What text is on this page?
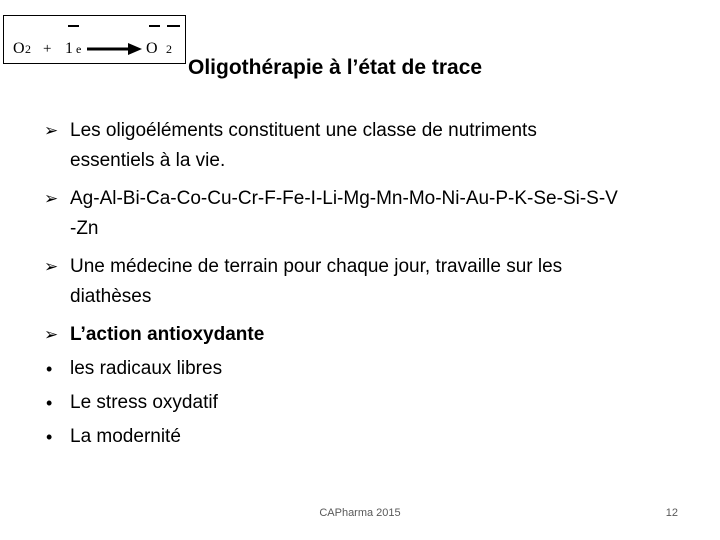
O 2 + 1 e	O 2
Oligothérapie à l’état de trace
➢ Les oligoéléments constituent une classe de nutriments
essentiels à la vie.
➢ Ag-Al-Bi-Ca-Co-Cu-Cr-F-Fe-I-Li-Mg-Mn-Mo-Ni-Au-P-K-Se-Si-S-V
-Zn
➢ Une médecine de terrain pour chaque jour, travaille sur les
diathèses
➢ L’action antioxydante
• les radicaux libres
• Le stress oxydatif
• La modernité
CAPharma 2015	12
